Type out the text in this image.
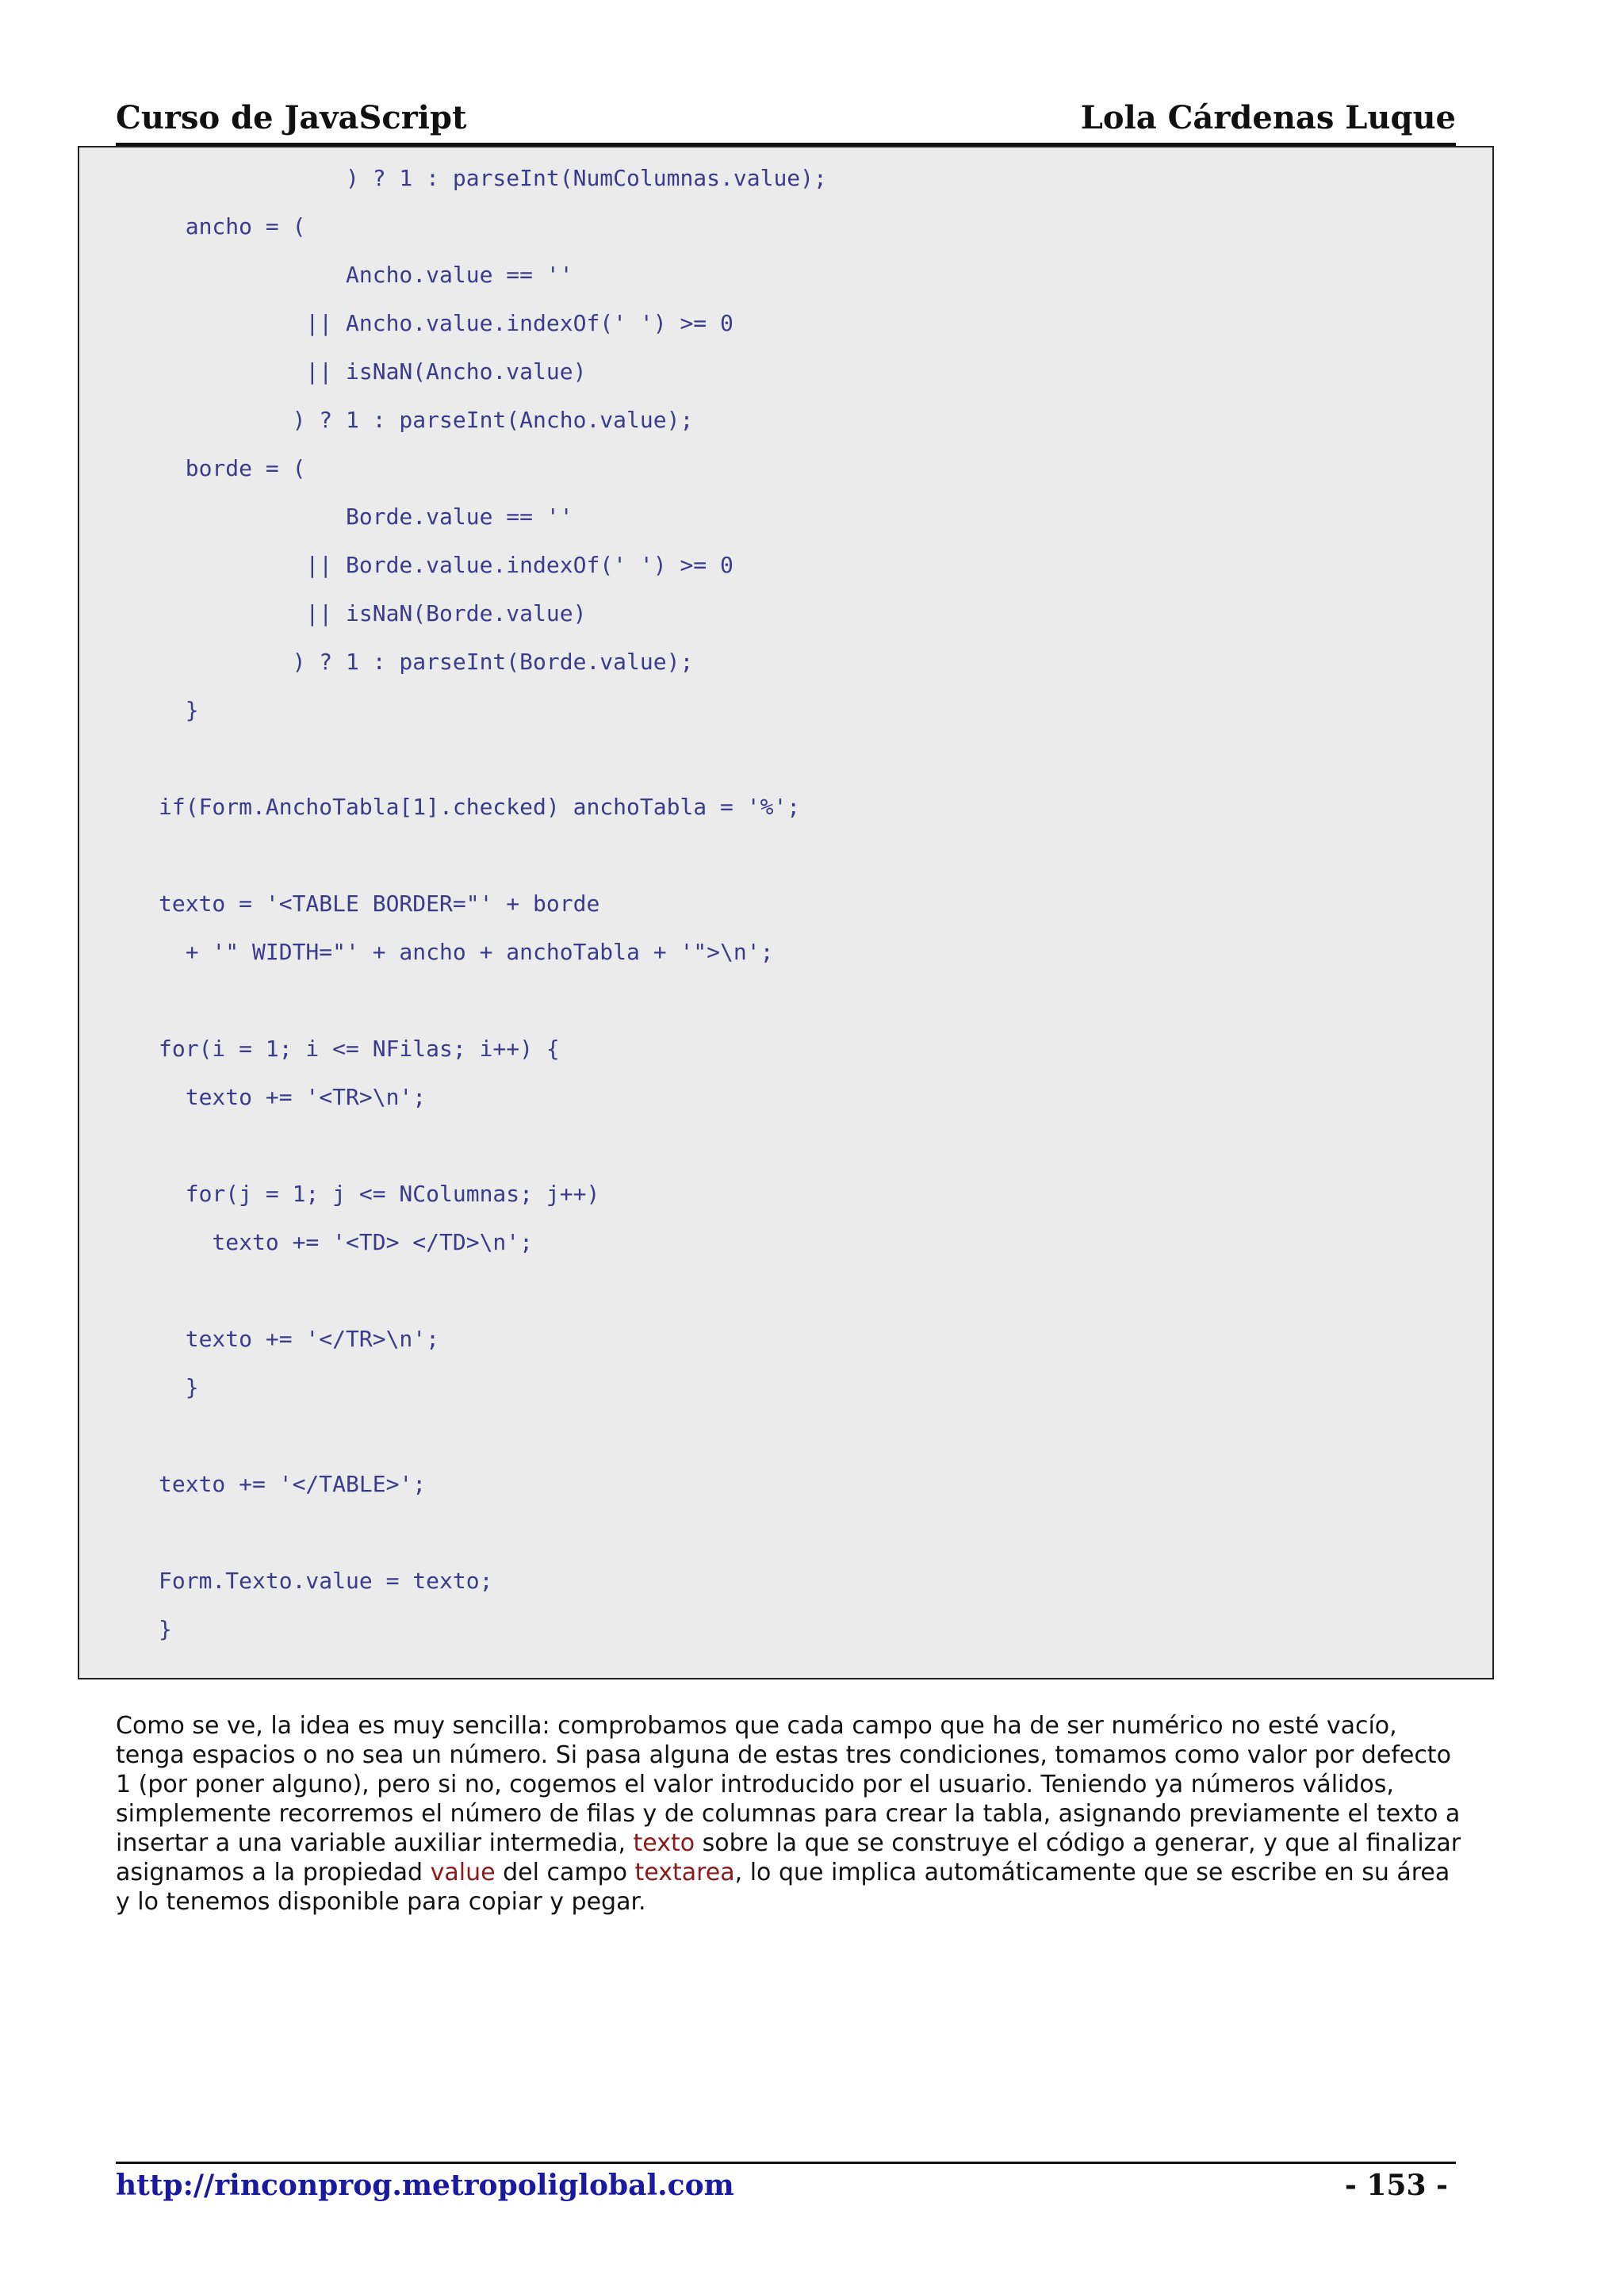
Curso de JavaScript	Lola Cárdenas Luque
) ? 1 : parseInt(NumColumnas.value);
ancho = (
Ancho.value == ''
|| Ancho.value.indexOf(' ') >= 0
|| isNaN(Ancho.value)
) ? 1 : parseInt(Ancho.value);
borde = (
Borde.value == ''
|| Borde.value.indexOf(' ') >= 0
|| isNaN(Borde.value)
) ? 1 : parseInt(Borde.value);
}
if(Form.AnchoTabla[1].checked) anchoTabla = '%';
texto = '<TABLE BORDER="' + borde
+ '" WIDTH="' + ancho + anchoTabla + '">\n';
for(i = 1; i <= NFilas; i++) {
texto += '<TR>\n';
for(j = 1; j <= NColumnas; j++)
texto += '<TD> </TD>\n';
texto += '</TR>\n';
}
texto += '</TABLE>';
Form.Texto.value = texto;
}
Como se ve, la idea es muy sencilla: comprobamos que cada campo que ha de ser numérico no esté vacío, tenga espacios o no sea un número. Si pasa alguna de estas tres condiciones, tomamos como valor por defecto 1 (por poner alguno), pero si no, cogemos el valor introducido por el usuario. Teniendo ya números válidos, simplemente recorremos el número de filas y de columnas para crear la tabla, asignando previamente el texto a insertar a una variable auxiliar intermedia, texto sobre la que se construye el código a generar, y que al finalizar asignamos a la propiedad value del campo textarea, lo que implica automáticamente que se escribe en su área y lo tenemos disponible para copiar y pegar.
http://rinconprog.metropoliglobal.com	- 153 -
